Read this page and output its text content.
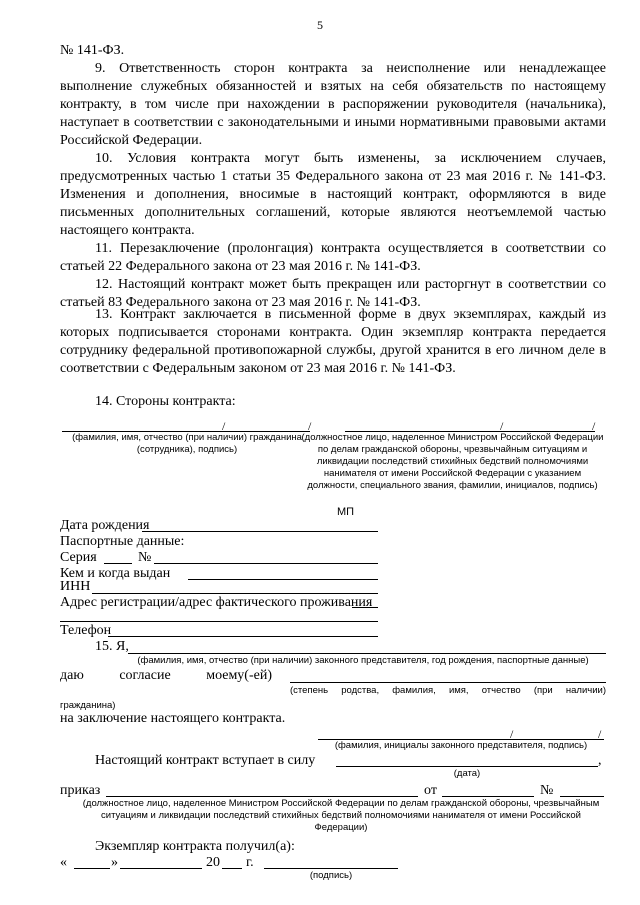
5
№ 141-ФЗ.
9. Ответственность сторон контракта за неисполнение или ненадлежащее выполнение служебных обязанностей и взятых на себя обязательств по настоящему контракту, в том числе при нахождении в распоряжении руководителя (начальника), наступает в соответствии с законодательными и иными нормативными правовыми актами Российской Федерации.
10. Условия контракта могут быть изменены, за исключением случаев, предусмотренных частью 1 статьи 35 Федерального закона от 23 мая 2016 г. № 141-ФЗ. Изменения и дополнения, вносимые в настоящий контракт, оформляются в виде письменных дополнительных соглашений, которые являются неотъемлемой частью настоящего контракта.
11. Перезаключение (пролонгация) контракта осуществляется в соответствии со статьей 22 Федерального закона от 23 мая 2016 г. № 141-ФЗ.
12. Настоящий контракт может быть прекращен или расторгнут в соответствии со статьей 83 Федерального закона от 23 мая 2016 г. № 141-ФЗ.
13. Контракт заключается в письменной форме в двух экземплярах, каждый из которых подписывается сторонами контракта. Один экземпляр контракта передается сотруднику федеральной противопожарной службы, другой хранится в его личном деле в соответствии с Федеральным законом от 23 мая 2016 г. № 141-ФЗ.
14. Стороны контракта:
/	/
(фамилия, имя, отчество (при наличии) гражданина (сотрудника), подпись)
/	/
(должностное лицо, наделенное Министром Российской Федерации по делам гражданской обороны, чрезвычайным ситуациям и ликвидации последствий стихийных бедствий полномочиями нанимателя от имени Российской Федерации с указанием должности, специального звания, фамилии, инициалов, подпись)
МП
Дата рождения
Паспортные данные:
Серия	№
Кем и когда выдан
ИНН
Адрес регистрации/адрес фактического проживания
Телефон
15. Я,
(фамилия, имя, отчество (при наличии) законного представителя, год рождения, паспортные данные)
даю	согласие	моему(-ей)
(степень родства, фамилия, имя, отчество (при наличии)
гражданина)
на заключение настоящего контракта.
/	/
(фамилия, инициалы законного представителя, подпись)
Настоящий контракт вступает в силу	,
(дата)
приказ	от	№
(должностное лицо, наделенное Министром Российской Федерации по делам гражданской обороны, чрезвычайным ситуациям и ликвидации последствий стихийных бедствий полномочиями нанимателя от имени Российской Федерации)
Экземпляр контракта получил(а):
«	»	20 г.
(подпись)
